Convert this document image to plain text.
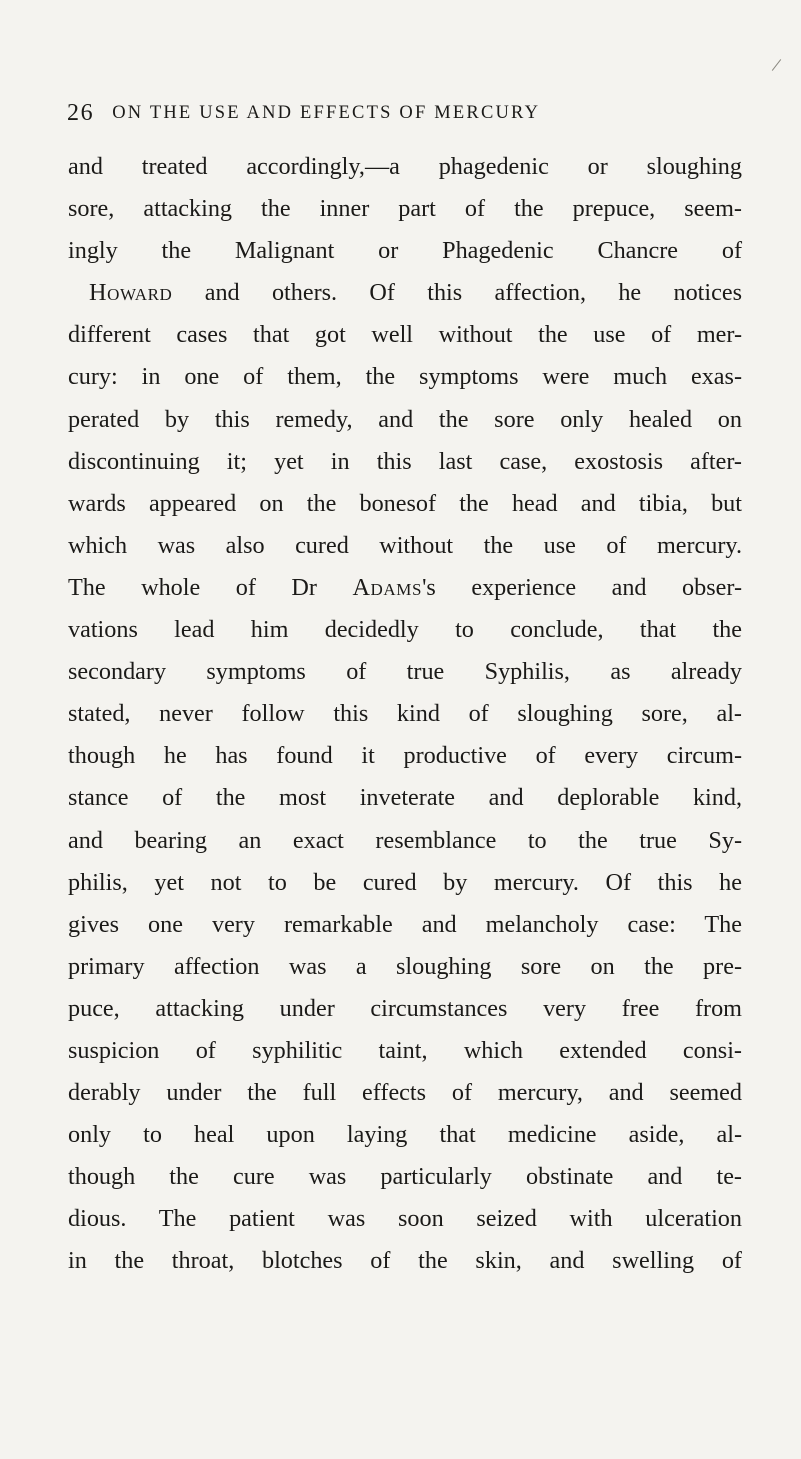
26 ON THE USE AND EFFECTS OF MERCURY
and treated accordingly,—a phagedenic or sloughing
sore, attacking the inner part of the prepuce, seem-
ingly the Malignant or Phagedenic Chancre of
Howard and others. Of this affection, he notices
different cases that got well without the use of mer-
cury: in one of them, the symptoms were much exas-
perated by this remedy, and the sore only healed on
discontinuing it; yet in this last case, exostosis after-
wards appeared on the bonesof the head and tibia, but
which was also cured without the use of mercury.
The whole of Dr Adams's experience and obser-
vations lead him decidedly to conclude, that the
secondary symptoms of true Syphilis, as already
stated, never follow this kind of sloughing sore, al-
though he has found it productive of every circum-
stance of the most inveterate and deplorable kind,
and bearing an exact resemblance to the true Sy-
philis, yet not to be cured by mercury. Of this he
gives one very remarkable and melancholy case: The
primary affection was a sloughing sore on the pre-
puce, attacking under circumstances very free from
suspicion of syphilitic taint, which extended consi-
derably under the full effects of mercury, and seemed
only to heal upon laying that medicine aside, al-
though the cure was particularly obstinate and te-
dious. The patient was soon seized with ulceration
in the throat, blotches of the skin, and swelling of
